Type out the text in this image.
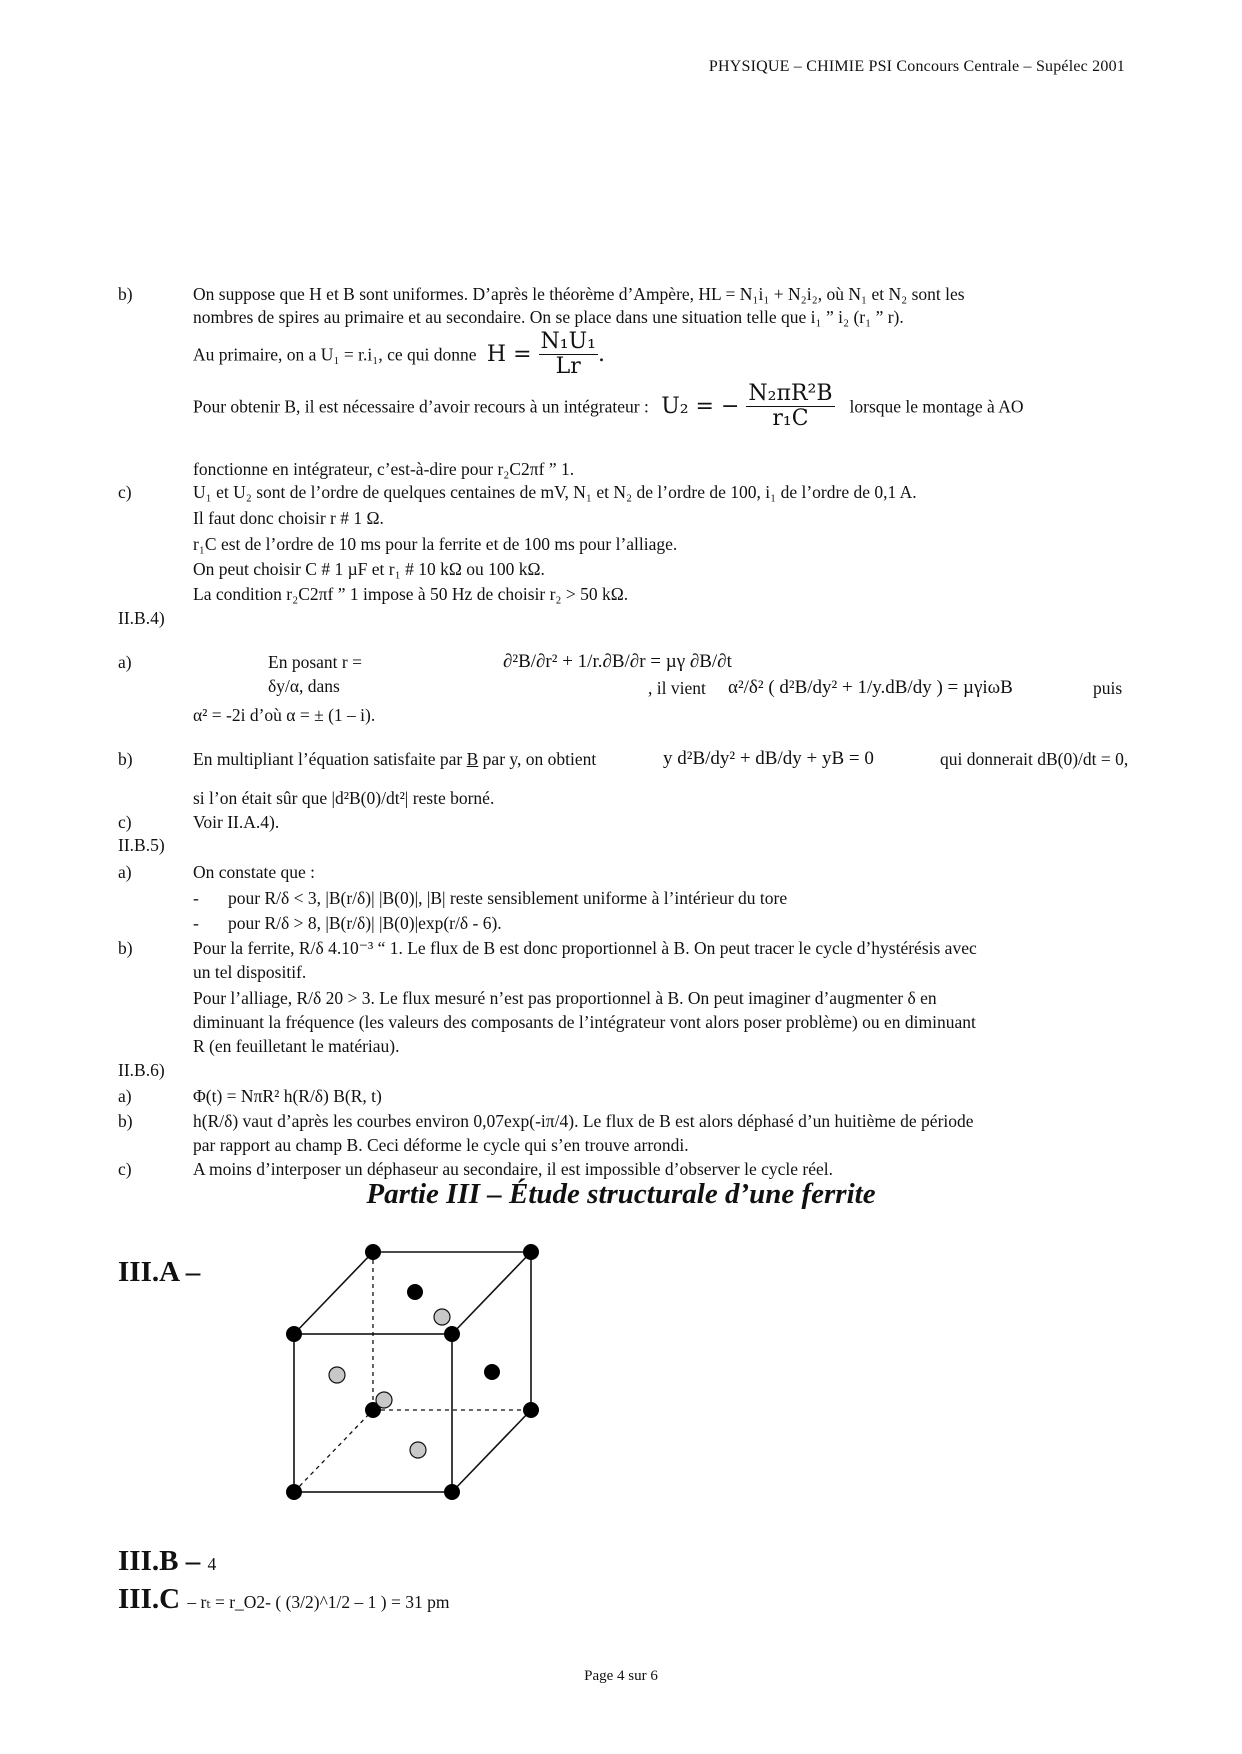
PHYSIQUE – CHIMIE PSI Concours Centrale – Supélec 2001
b)	On suppose que H et B sont uniformes. D’après le théorème d’Ampère, HL = N₁i₁ + N₂i₂, où N₁ et N₂ sont les
nombres de spires au primaire et au secondaire. On se place dans une situation telle que i₁ ” i₂ (r₁ ” r).
Au primaire, on a U₁ = r.i₁, ce qui donne $H = \frac{\text{N₁U₁}}{Lr}$ .
Pour obtenir B, il est nécessaire d’avoir recours à un intégrateur : U₂ = − $\frac{\text{N₂πR²B}}{\text{r₁C}}$ lorsque le montage à AO
fonctionne en intégrateur, c’est-à-dire pour r₂C2πf ” 1.
c)	U₁ et U₂ sont de l’ordre de quelques centaines de mV, N₁ et N₂ de l’ordre de 100, i₁ de l’ordre de 0,1 A.
Il faut donc choisir r # 1 Ω.
r₁C est de l’ordre de 10 ms pour la ferrite et de 100 ms pour l’alliage.
On peut choisir C # 1 µF et r₁ # 10 kΩ ou 100 kΩ.
La condition r₂C2πf ” 1 impose à 50 Hz de choisir r₂ > 50 kΩ.
II.B.4)
a)	En posant r = δy/α, dans
∂²B/∂r² + 1/r.∂B/∂r = µγ ∂B/∂t
, il vient	α²/δ² ( d²B/dy² + 1/y.dB/dy ) = µγiωB	puis
α² = -2i d’où α = ± (1 – i).
b)	En multipliant l’équation satisfaite par B par y, on obtient	y d²B/dy² + dB/dy + yB = 0	qui donnerait dB(0)/dt = 0,
si l’on était sûr que |d²B(0)/dt²| reste borné.
c)	Voir II.A.4).
II.B.5)
a)	On constate que :
-	pour R/δ < 3, |B(r/δ)| |B(0)|, |B| reste sensiblement uniforme à l’intérieur du tore
-	pour R/δ > 8, |B(r/δ)| |B(0)|exp(r/δ - 6).
b)	Pour la ferrite, R/δ 4.10⁻³ “ 1. Le flux de B est donc proportionnel à B. On peut tracer le cycle d’hystérésis avec
un tel dispositif.
Pour l’alliage, R/δ 20 > 3. Le flux mesuré n’est pas proportionnel à B. On peut imaginer d’augmenter δ en
diminuant la fréquence (les valeurs des composants de l’intégrateur vont alors poser problème) ou en diminuant
R (en feuilletant le matériau).
II.B.6)
a)	Φ(t) = NπR² h(R/δ) B(R, t)
b)	h(R/δ) vaut d’après les courbes environ 0,07exp(-iπ/4). Le flux de B est alors déphasé d’un huitième de période
par rapport au champ B. Ceci déforme le cycle qui s’en trouve arrondi.
c)	A moins d’interposer un déphaseur au secondaire, il est impossible d’observer le cycle réel.
Partie III – Étude structurale d’une ferrite
III.A –
III.B – 4
III.C – rₜ = r_O2- ( (3/2)^1/2 – 1 ) = 31 pm
Page 4 sur 6
